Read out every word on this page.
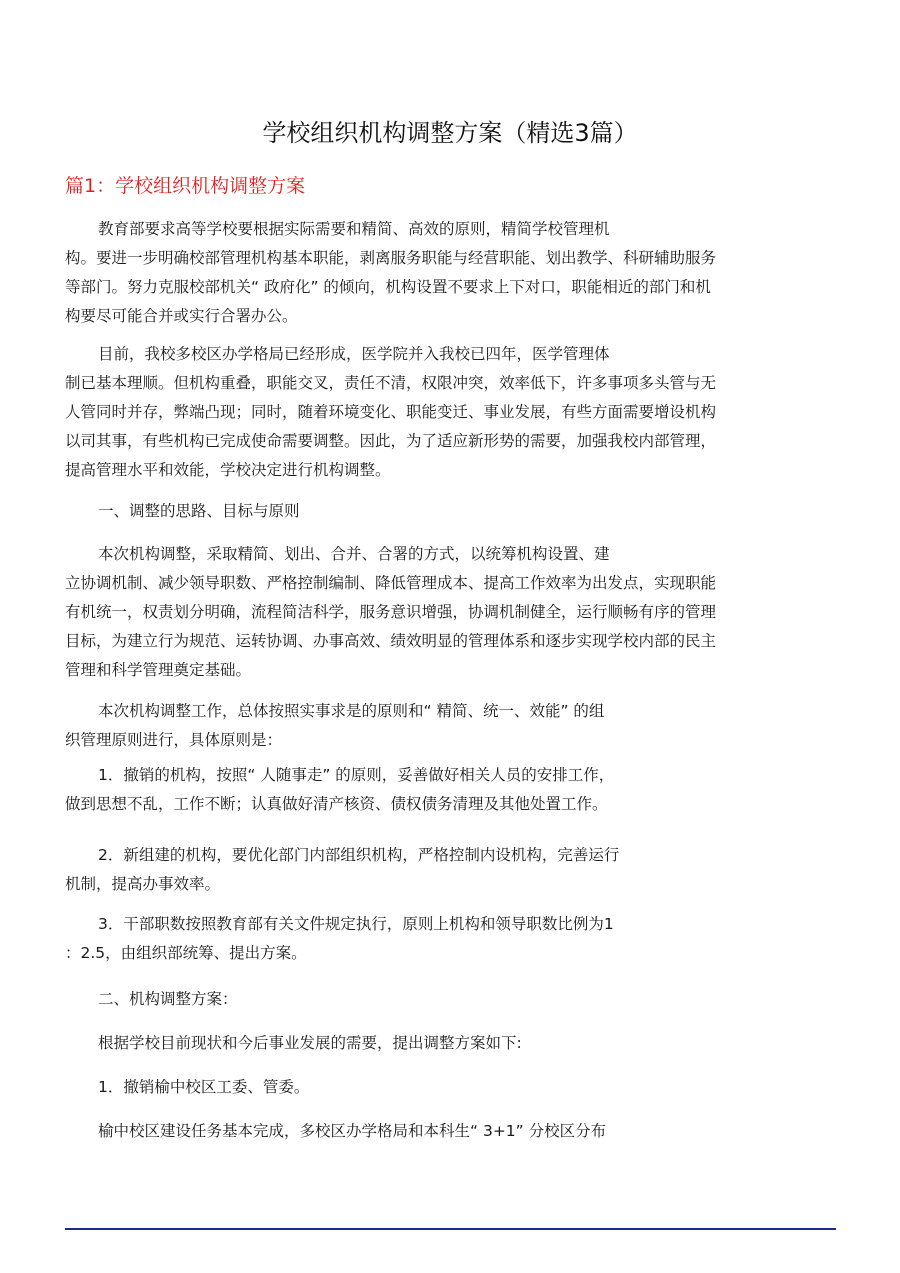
学校组织机构调整方案（精选3篇）
篇1：学校组织机构调整方案
教育部要求高等学校要根据实际需要和精简、高效的原则，精简学校管理机
构。要进一步明确校部管理机构基本职能，剥离服务职能与经营职能、划出教学、科研辅助服务
等部门。努力克服校部机关“ 政府化” 的倾向，机构设置不要求上下对口，职能相近的部门和机
构要尽可能合并或实行合署办公。
目前，我校多校区办学格局已经形成，医学院并入我校已四年，医学管理体
制已基本理顺。但机构重叠，职能交叉，责任不清，权限冲突，效率低下，许多事项多头管与无
人管同时并存，弊端凸现；同时，随着环境变化、职能变迁、事业发展，有些方面需要增设机构
以司其事，有些机构已完成使命需要调整。因此，为了适应新形势的需要，加强我校内部管理，
提高管理水平和效能，学校决定进行机构调整。
一、调整的思路、目标与原则
本次机构调整，采取精简、划出、合并、合署的方式，以统筹机构设置、建
立协调机制、减少领导职数、严格控制编制、降低管理成本、提高工作效率为出发点，实现职能
有机统一，权责划分明确，流程简洁科学，服务意识增强，协调机制健全，运行顺畅有序的管理
目标，为建立行为规范、运转协调、办事高效、绩效明显的管理体系和逐步实现学校内部的民主
管理和科学管理奠定基础。
本次机构调整工作，总体按照实事求是的原则和“ 精简、统一、效能” 的组
织管理原则进行，具体原则是：
1．撤销的机构，按照“ 人随事走” 的原则，妥善做好相关人员的安排工作，
做到思想不乱，工作不断；认真做好清产核资、债权债务清理及其他处置工作。
2．新组建的机构，要优化部门内部组织机构，严格控制内设机构，完善运行
机制，提高办事效率。
3．干部职数按照教育部有关文件规定执行，原则上机构和领导职数比例为1
：2.5，由组织部统筹、提出方案。
二、机构调整方案：
根据学校目前现状和今后事业发展的需要，提出调整方案如下:
1．撤销榆中校区工委、管委。
榆中校区建设任务基本完成，多校区办学格局和本科生“ 3+1” 分校区分布
